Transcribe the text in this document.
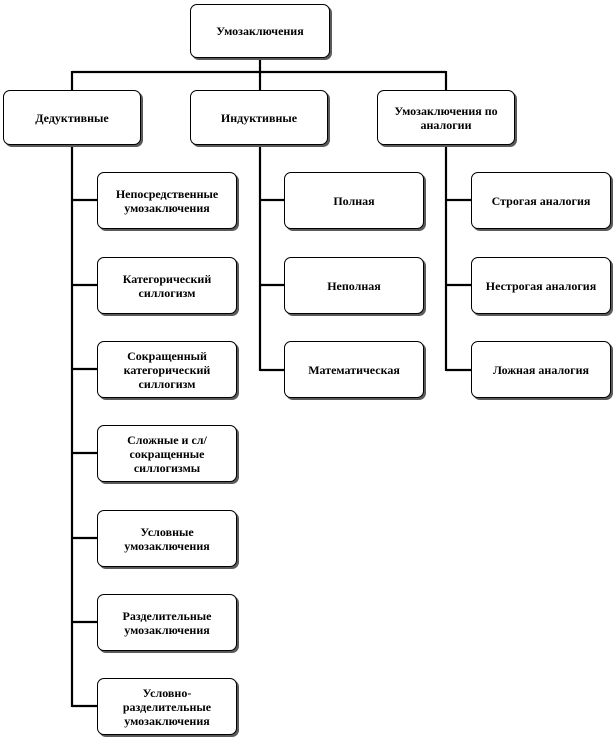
Умозаключения
Дедуктивные	Индуктивные	Умозаключения по аналогии
Непосредственные умозаключения
Категорический силлогизм
Сокращенный категорический силлогизм
Сложные и сл/сокращенные силлогизмы
Условные умозаключения
Разделительные умозаключения
Условно-разделительные умозаключения
Полная
Неполная
Математическая
Строгая аналогия
Нестрогая аналогия
Ложная аналогия
